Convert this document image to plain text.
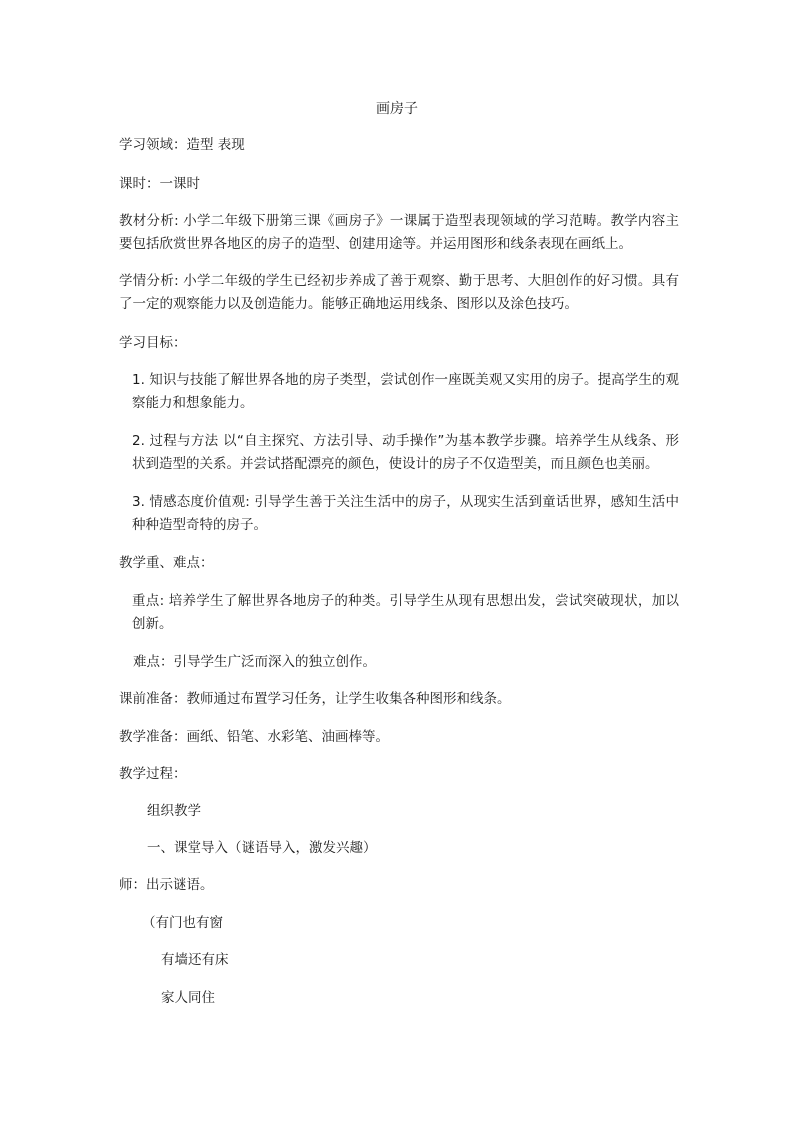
画房子

学习领域：造型 表现

课时：一课时

教材分析: 小学二年级下册第三课《画房子》一课属于造型表现领域的学习范畴。教学内容主要包括欣赏世界各地区的房子的造型、创建用途等。并运用图形和线条表现在画纸上。

学情分析: 小学二年级的学生已经初步养成了善于观察、勤于思考、大胆创作的好习惯。具有了一定的观察能力以及创造能力。能够正确地运用线条、图形以及涂色技巧。

学习目标：

1. 知识与技能了解世界各地的房子类型，尝试创作一座既美观又实用的房子。提高学生的观察能力和想象能力。

2. 过程与方法 以“自主探究、方法引导、动手操作”为基本教学步骤。培养学生从线条、形状到造型的关系。并尝试搭配漂亮的颜色，使设计的房子不仅造型美，而且颜色也美丽。

3. 情感态度价值观: 引导学生善于关注生活中的房子，从现实生活到童话世界，感知生活中种种造型奇特的房子。

教学重、难点：

重点: 培养学生了解世界各地房子的种类。引导学生从现有思想出发，尝试突破现状，加以创新。

难点：引导学生广泛而深入的独立创作。

课前准备：教师通过布置学习任务，让学生收集各种图形和线条。

教学准备：画纸、铅笔、水彩笔、油画棒等。

教学过程：

组织教学

一、课堂导入（谜语导入，激发兴趣）

师：出示谜语。

（有门也有窗

有墙还有床

家人同住
